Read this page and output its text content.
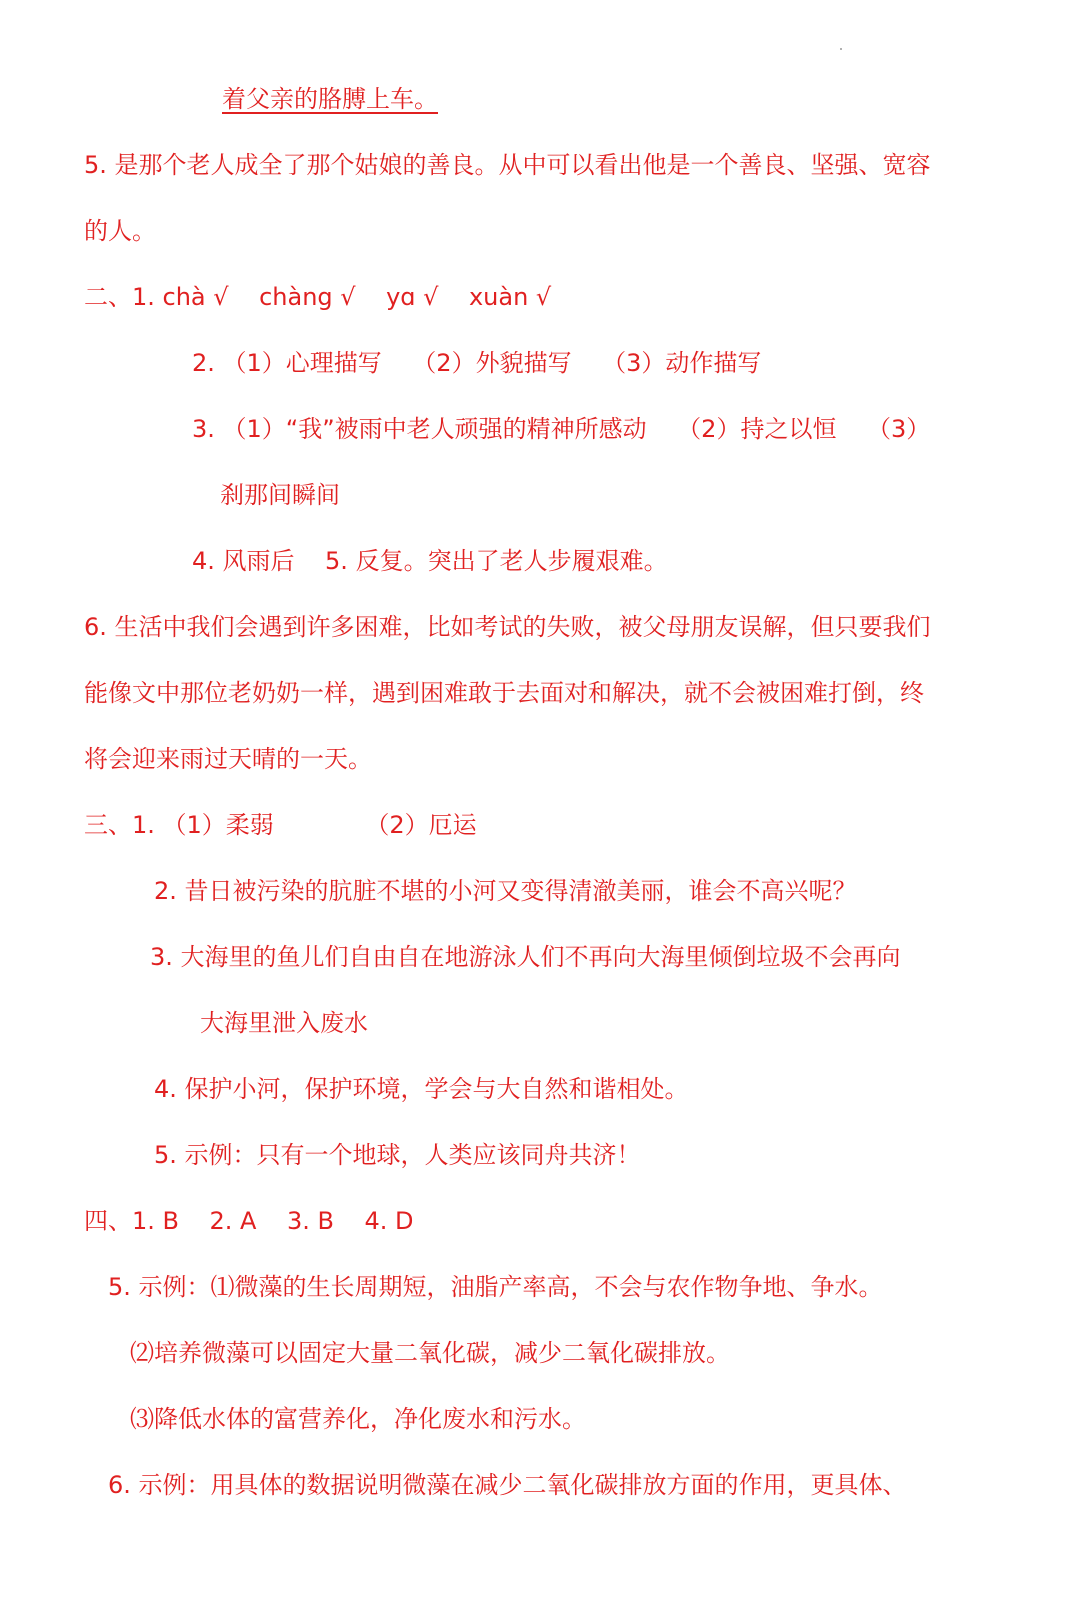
着父亲的胳膊上车。

5. 是那个老人成全了那个姑娘的善良。从中可以看出他是一个善良、坚强、宽容

的人。

二、1. chà √    chàng √    yɑ √    xuàn √

2. （1）心理描写    （2）外貌描写    （3）动作描写

3. （1）“我”被雨中老人顽强的精神所感动    （2）持之以恒    （3）

刹那间瞬间

4. 风雨后    5. 反复。突出了老人步履艰难。

6. 生活中我们会遇到许多困难，比如考试的失败，被父母朋友误解，但只要我们

能像文中那位老奶奶一样，遇到困难敢于去面对和解决，就不会被困难打倒，终

将会迎来雨过天晴的一天。

三、1. （1）柔弱            （2）厄运

2. 昔日被污染的肮脏不堪的小河又变得清澈美丽，谁会不高兴呢？

3. 大海里的鱼儿们自由自在地游泳人们不再向大海里倾倒垃圾不会再向

大海里泄入废水

4. 保护小河，保护环境，学会与大自然和谐相处。

5. 示例：只有一个地球，人类应该同舟共济！

四、1. B    2. A    3. B    4. D

5. 示例：⑴微藻的生长周期短，油脂产率高，不会与农作物争地、争水。

⑵培养微藻可以固定大量二氧化碳，减少二氧化碳排放。

⑶降低水体的富营养化，净化废水和污水。

6. 示例：用具体的数据说明微藻在减少二氧化碳排放方面的作用，更具体、
